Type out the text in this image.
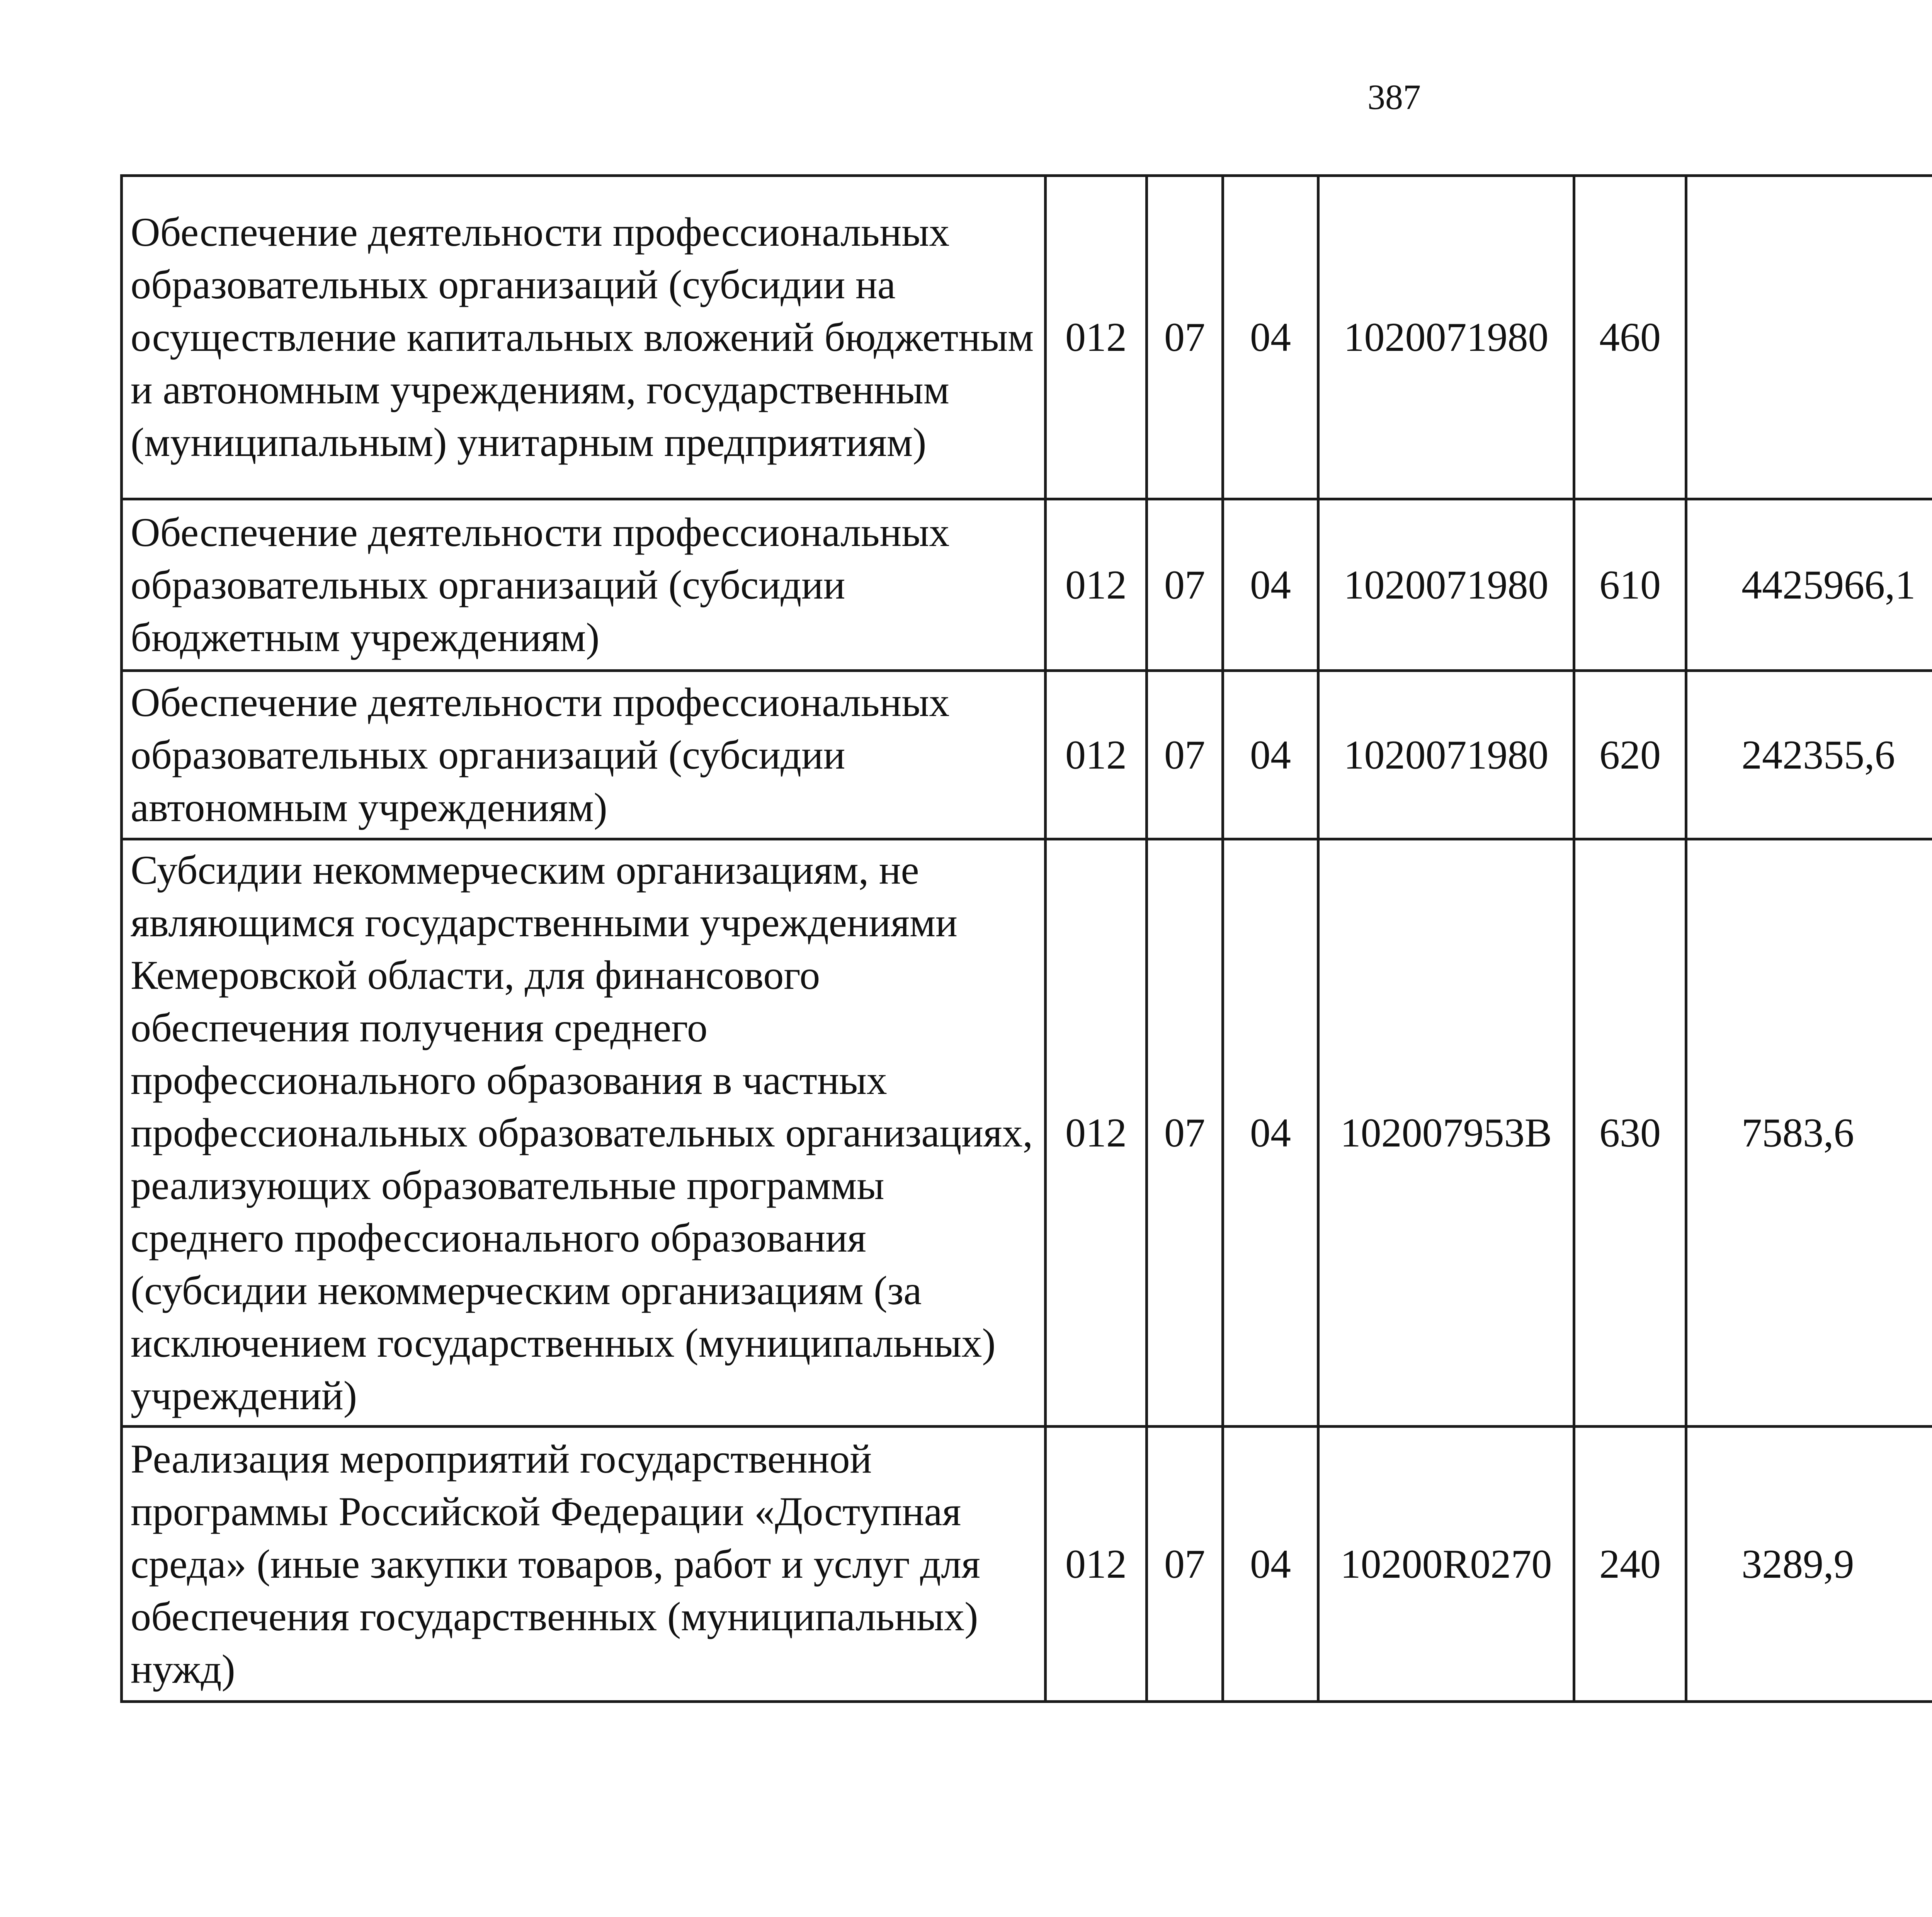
387
Обеспечение деятельности профессиональных образовательных организаций (субсидии на осуществление капитальных вложений бюджетным и автономным учреждениям, государственным (муниципальным) унитарным предприятиям)	012	07	04	1020071980	460			
Обеспечение деятельности профессиональных образовательных организаций (субсидии бюджетным учреждениям)	012	07	04	1020071980	610	4425966,1		
Обеспечение деятельности профессиональных образовательных организаций (субсидии автономным учреждениям)	012	07	04	1020071980	620	242355,6		
Субсидии некоммерческим организациям, не являющимся государственными учреждениями Кемеровской области, для финансового обеспечения получения среднего профессионального образования в частных профессиональных образовательных организациях, реализующих образовательные программы среднего профессионального образования (субсидии некоммерческим организациям (за исключением государственных (муниципальных) учреждений)	012	07	04	102007953В	630	7583,6		
Реализация мероприятий государственной программы Российской Федерации «Доступная среда» (иные закупки товаров, работ и услуг для обеспечения государственных (муниципальных) нужд)	012	07	04	10200R0270	240	3289,9		
